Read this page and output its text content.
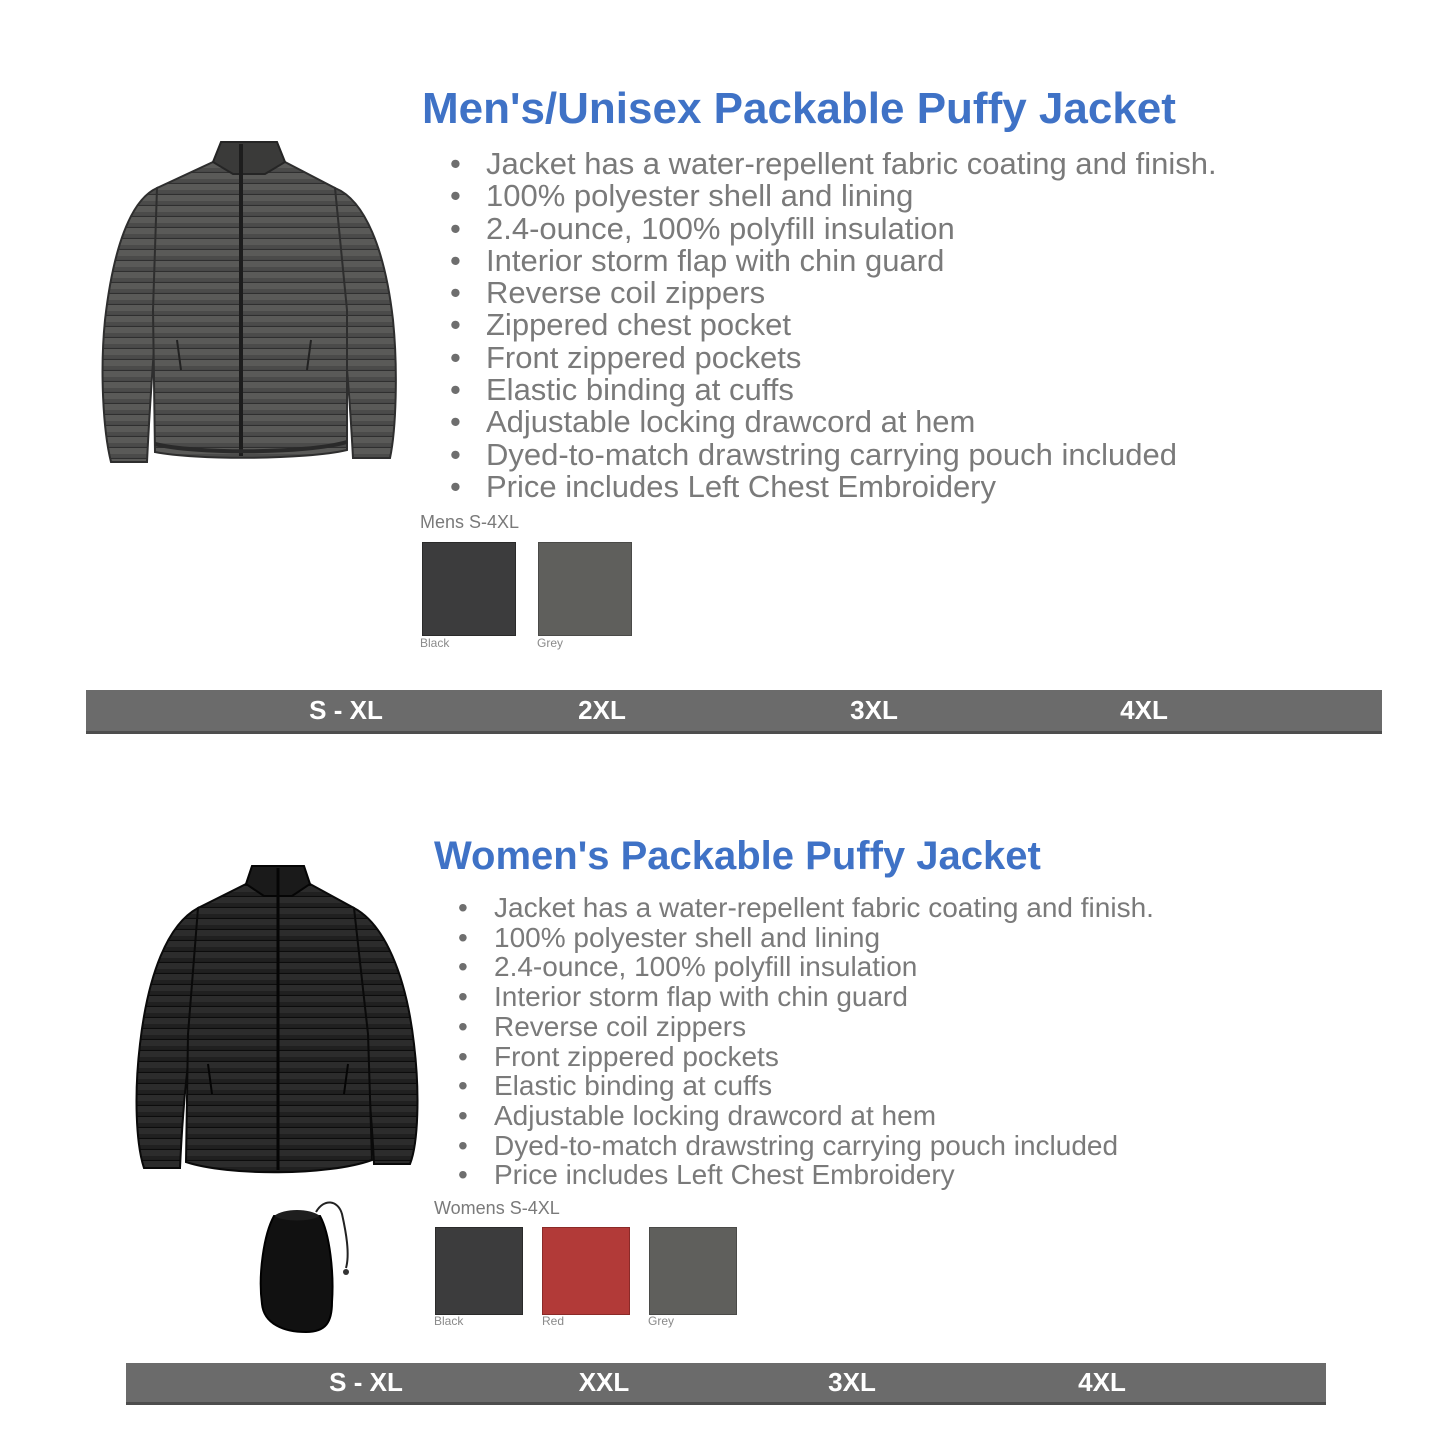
Men's/Unisex Packable Puffy Jacket
• Jacket has a water-repellent fabric coating and finish.
• 100% polyester shell and lining
• 2.4-ounce, 100% polyfill insulation
• Interior storm flap with chin guard
• Reverse coil zippers
• Zippered chest pocket
• Front zippered pockets
• Elastic binding at cuffs
• Adjustable locking drawcord at hem
• Dyed-to-match drawstring carrying pouch included
• Price includes Left Chest Embroidery
Mens S-4XL
Black	Grey
S - XL	2XL	3XL	4XL
Women's Packable Puffy Jacket
• Jacket has a water-repellent fabric coating and finish.
• 100% polyester shell and lining
• 2.4-ounce, 100% polyfill insulation
• Interior storm flap with chin guard
• Reverse coil zippers
• Front zippered pockets
• Elastic binding at cuffs
• Adjustable locking drawcord at hem
• Dyed-to-match drawstring carrying pouch included
• Price includes Left Chest Embroidery
Womens S-4XL
Black	Red	Grey
S - XL	XXL	3XL	4XL
